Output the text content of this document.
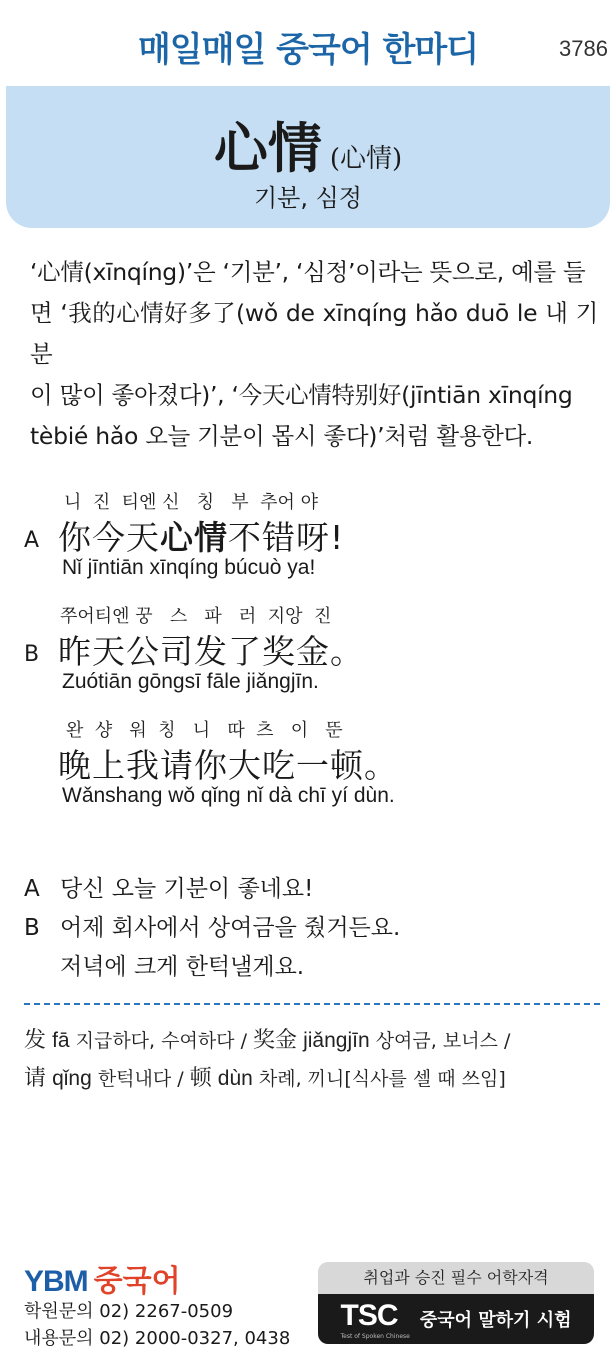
매일매일 중국어 한마디	3786
心情 (心情)
기분, 심정

‘心情(xīnqíng)’은 ‘기분’, ‘심정’이라는 뜻으로, 예를 들

면 ‘我的心情好多了(wǒ de xīnqíng hǎo duō le 내 기분

이 많이 좋아졌다)’, ‘今天心情特别好(jīntiān xīnqíng

tèbié hǎo 오늘 기분이 몹시 좋다)’처럼 활용한다.

니  진  티엔 신   칭   부  추어 야
A 你今天心情不错呀!
Nǐ jīntiān xīnqíng búcuò ya!
쭈어티엔 꿍   스   파   러  지앙  진
B 昨天公司发了奖金。
Zuótiān gōngsī fāle jiǎngjīn.
완  샹   워  칭   니   따  츠   이   뚠
晚上我请你大吃一顿。
Wǎnshang wǒ qǐng nǐ dà chī yí dùn.
A 당신 오늘 기분이 좋네요!
B 어제 회사에서 상여금을 줬거든요.
저녁에 크게 한턱낼게요.
发 fā 지급하다, 수여하다 / 奖金 jiǎngjīn 상여금, 보너스 /
请 qǐng 한턱내다 / 顿 dùn 차례, 끼니[식사를 셀 때 쓰임]
YBM 중국어
학원문의 02) 2267-0509
내용문의 02) 2000-0327, 0438
취업과 승진 필수 어학자격
TSC
Test of Spoken Chinese
중국어 말하기 시험
